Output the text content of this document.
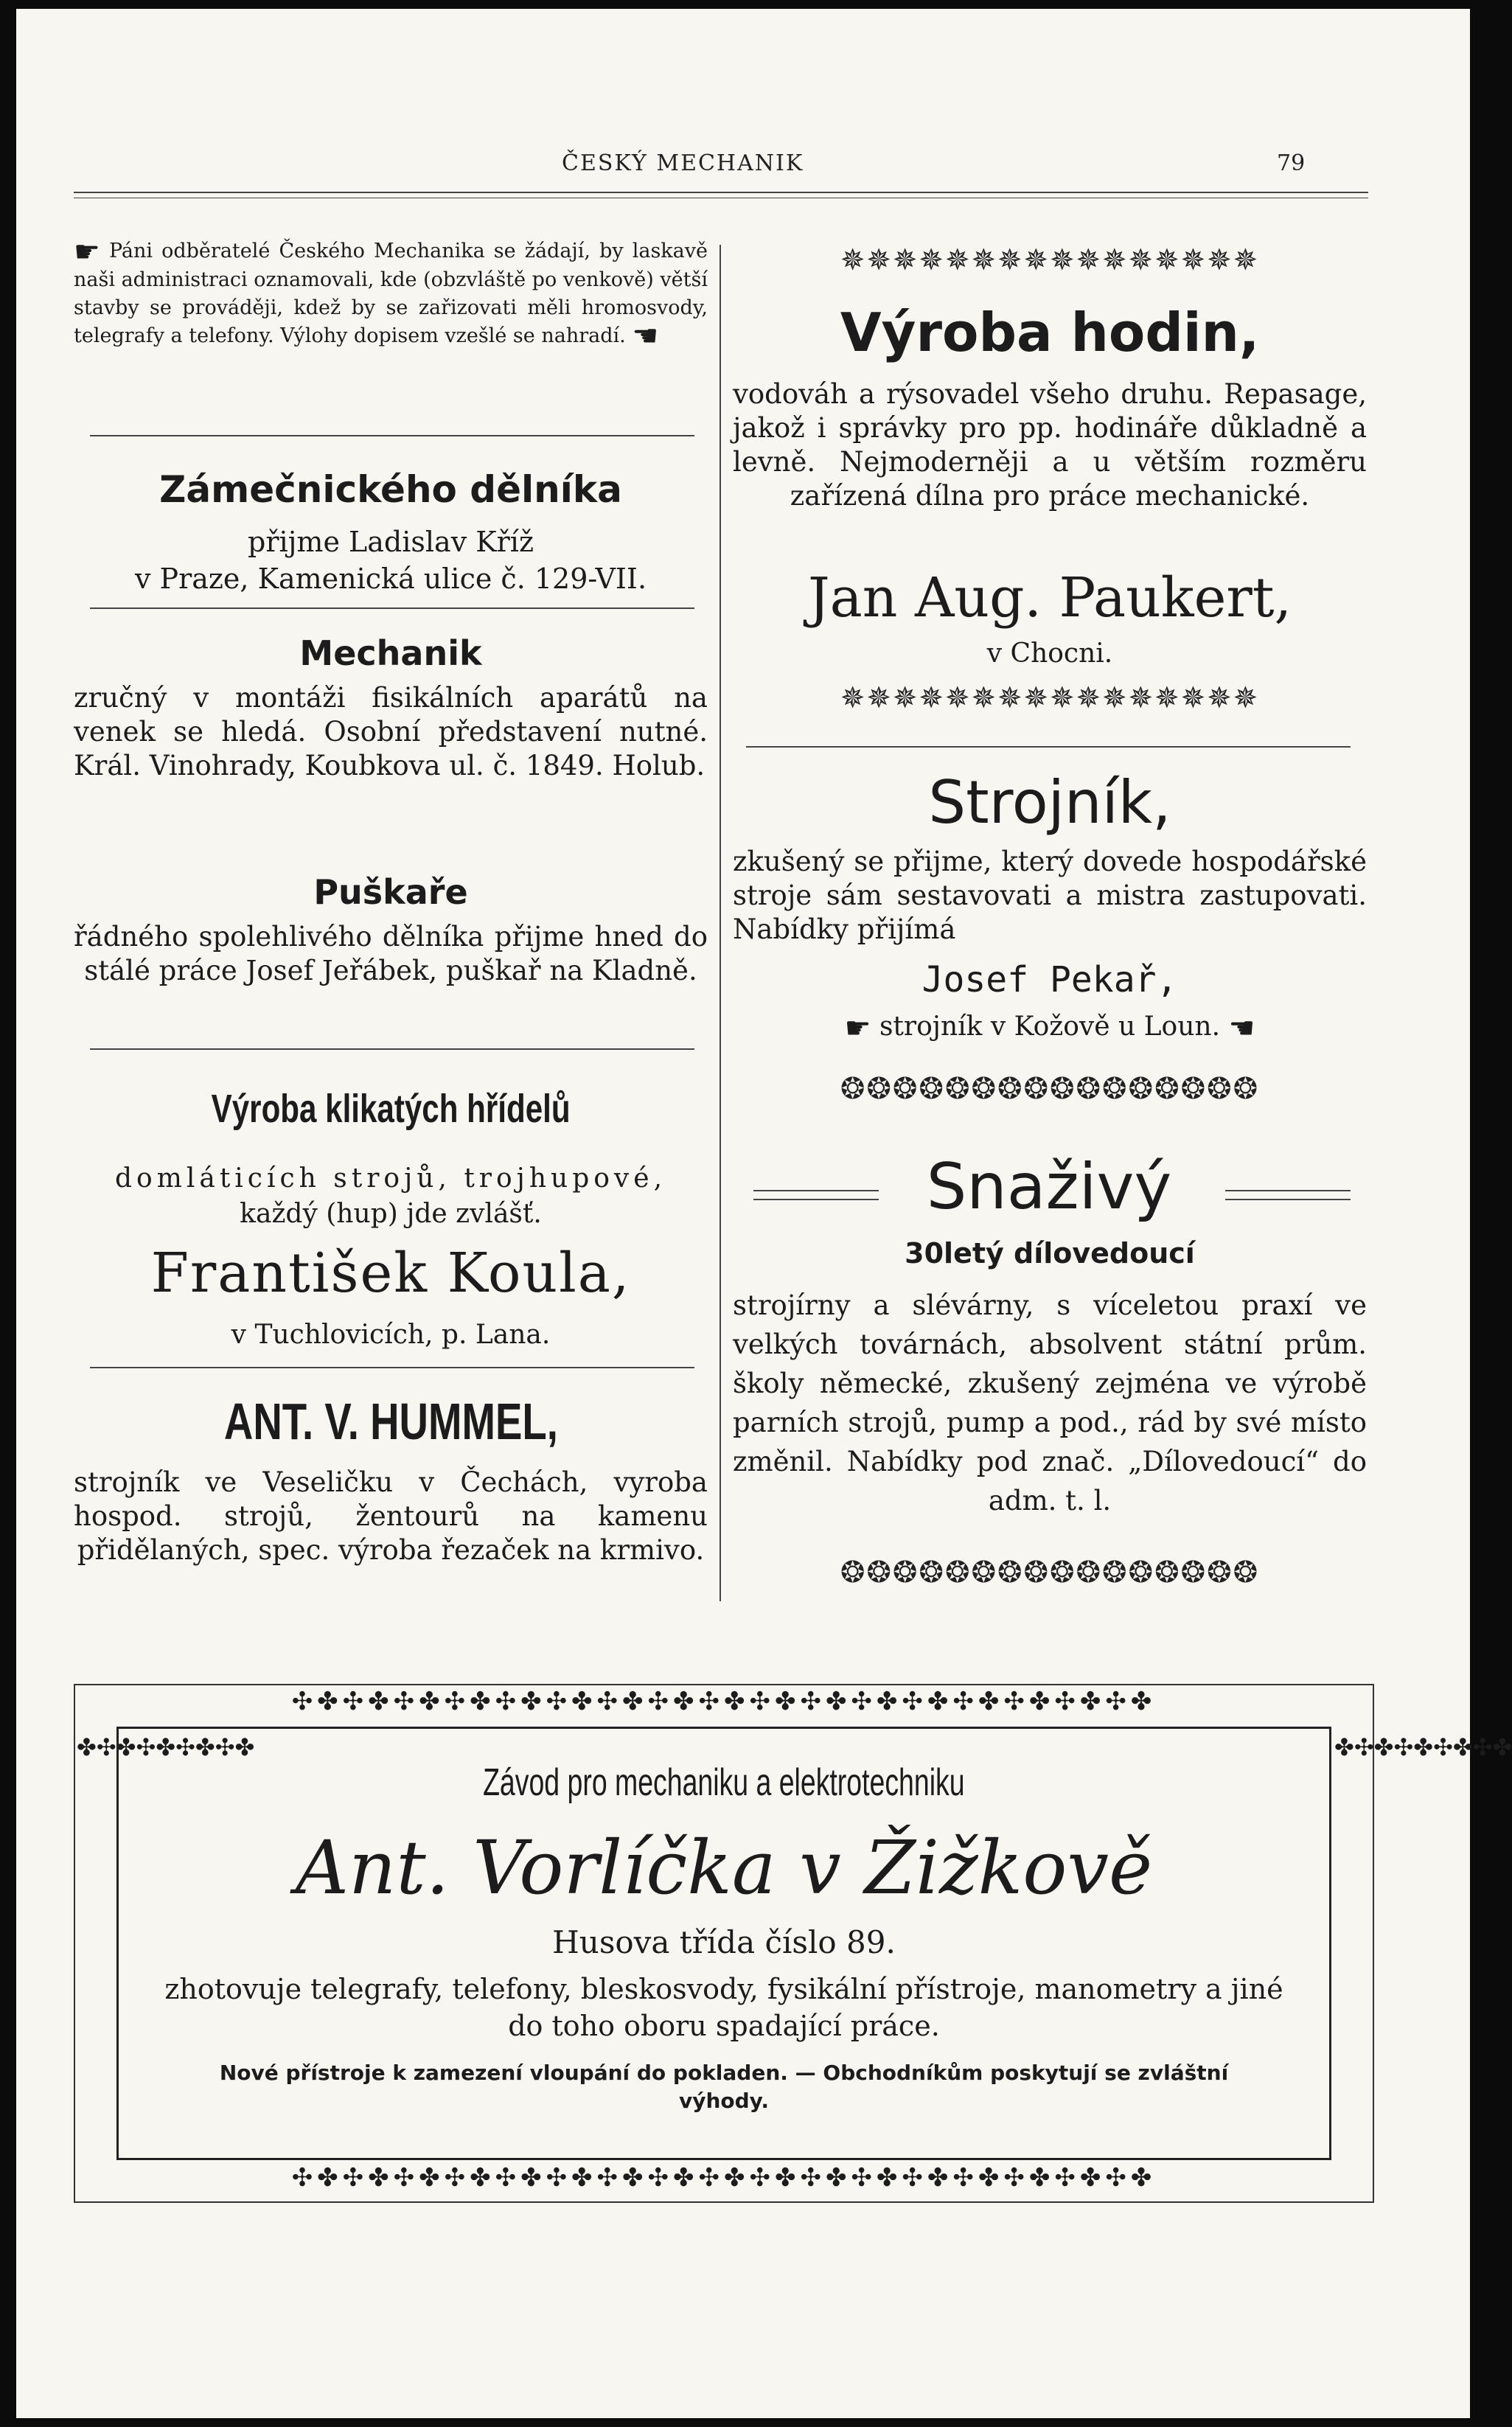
ČESKÝ MECHANIK	79
☛ Páni odběratelé Českého Mechanika se žádají, by laskavě naši administraci oznamovali, kde (obzvláště po venkově) větší stavby se prováději, kdež by se zařizovati měli hromosvody, telegrafy a telefony. Výlohy dopisem vzešlé se nahradí. ☚
Zámečnického dělníka
přijme Ladislav Kříž
v Praze, Kamenická ulice č. 129-VII.
Mechanik
zručný v montáži fisikálních aparátů na venek se hledá. Osobní představení nutné. Král. Vinohrady, Koubkova ul. č. 1849. Holub.
Puškaře
řádného spolehlivého dělníka přijme hned do stálé práce Josef Jeřábek, puškař na Kladně.
Výroba klikatých hřídelů
domláticích strojů, trojhupové,
každý (hup) jde zvlášť.
František Koula,
v Tuchlovicích, p. Lana.
ANT. V. HUMMEL,
strojník ve Veseličku v Čechách, vyroba hospod. strojů, žentourů na kamenu přidělaných, spec. výroba řezaček na krmivo.
✵✵✵✵✵✵✵✵✵✵✵✵✵✵✵✵
Výroba hodin,
vodováh a rýsovadel všeho druhu. Repasage, jakož i správky pro pp. hodináře důkladně a levně. Nejmoderněji a u větším rozměru zařízená dílna pro práce mechanické.
Jan Aug. Paukert,
v Chocni.
✵✵✵✵✵✵✵✵✵✵✵✵✵✵✵✵
Strojník,
zkušený se přijme, který dovede hospodářské stroje sám sestavovati a mistra zastupovati. Nabídky přijímá
Josef Pekař,
☛ strojník v Kožově u Loun. ☚
❂❂❂❂❂❂❂❂❂❂❂❂❂❂❂❂
Snaživý
30letý dílovedoucí
strojírny a slévárny, s víceletou praxí ve velkých továrnách, absolvent státní prům. školy německé, zkušený zejména ve výrobě parních strojů, pump a pod., rád by své místo změnil. Nabídky pod znač. „Dílovedoucí“ do adm. t. l.
❂❂❂❂❂❂❂❂❂❂❂❂❂❂❂❂
✣✤✣✤✣✤✣✤✣✤✣✤✣✤✣✤✣✤✣✤✣✤✣✤✣✤✣✤✣✤✣✤✣✤
✣✤✣✤✣✤✣✤✣✤✣✤✣✤✣✤✣✤✣✤✣✤✣✤✣✤✣✤✣✤✣✤✣✤
✤✣✤✣✤✣✤✣✤	✤✣✤✣✤✣✤✣✤
Závod pro mechaniku a elektrotechniku
Ant. Vorlíčka v Žižkově
Husova třída číslo 89.
zhotovuje telegrafy, telefony, bleskosvody, fysikální přístroje, manometry a jiné do toho oboru spadající práce.
Nové přístroje k zamezení vloupání do pokladen. — Obchodníkům poskytují se zvláštní výhody.
